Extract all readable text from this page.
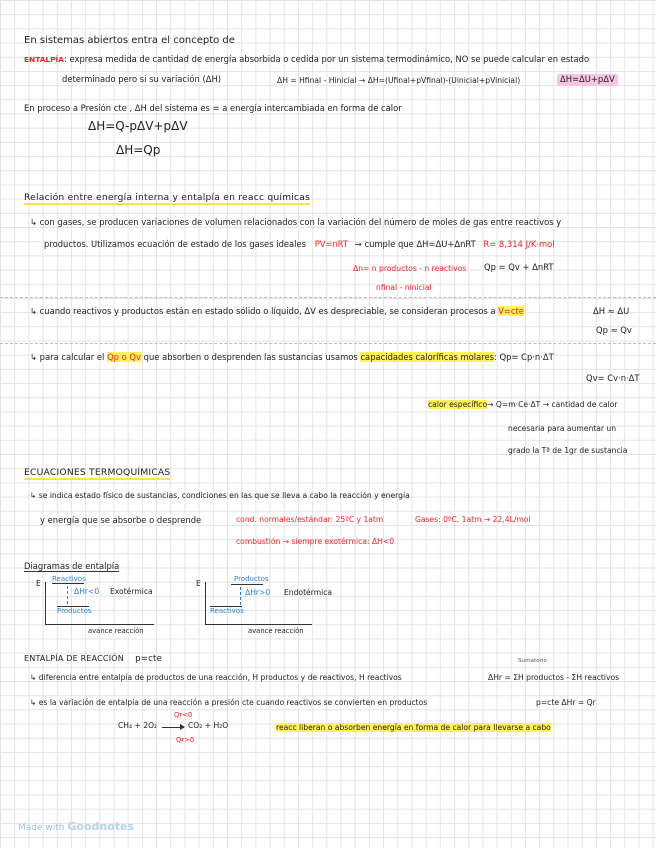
En sistemas abiertos entra el concepto de
ENTALPÍA: expresa medida de cantidad de energía absorbida o cedida por un sistema termodinámico, NO se puede calcular en estado
determinado pero si su variación (ΔH)	ΔH = Hfinal - Hinicial → ΔH=(Ufinal+pVfinal)-(Uinicial+pVinicial)	ΔH=ΔU+pΔV
En proceso a Presión cte , ΔH del sistema es = a energía intercambiada en forma de calor
ΔH=Q-pΔV+pΔV
ΔH=Qp
Relación entre energía interna y entalpía en reacc químicas
↳ con gases, se producen variaciones de volumen relacionados con la variación del número de moles de gas entre reactivos y
productos. Utilizamos ecuación de estado de los gases ideales PV=nRT → cumple que ΔH=ΔU+ΔnRT R= 8,314 J/K·mol
Δn= n productos - n reactivos Qp = Qv + ΔnRT
nfinal - ninicial
↳ cuando reactivos y productos están en estado sólido o líquido, ΔV es despreciable, se consideran procesos a V=cte	ΔH ≈ ΔU
Qp ≈ Qv
↳ para calcular el Qp o Qv que absorben o desprenden las sustancias usamos capacidades caloríficas molares: Qp= Cp·n·ΔT
Qv= Cv·n·ΔT
calor específico→ Q=m·Ce·ΔT → cantidad de calor
necesaria para aumentar un
grado la Tª de 1gr de sustancia
ECUACIONES TERMOQUÍMICAS
↳ se indica estado físico de sustancias, condiciones en las que se lleva a cabo la reacción y energía
y energía que se absorbe o desprende	cond. normales/estándar: 25ºC y 1atm	Gases: 0ºC, 1atm → 22,4L/mol
combustión → siempre exotérmica: ΔH<0
Diagramas de entalpía
E Reactivos
ΔHr<0 Exotérmica
Productos
avance reacción
E	Productos
ΔHr>0 Endotérmica
Reactivos
avance reacción
ENTALPÍA DE REACCIÓN p=cte	Sumatorio
↳ diferencia entre entalpía de productos de una reacción, H productos y de reactivos, H reactivos	ΔHr = ΣH productos - ΣH reactivos
↳ es la variación de entalpía de una reacción a presión cte cuando reactivos se convierten en productos	p=cte ΔHr = Qr
CH₄ + 2O₂
Qr<0
CO₂ + H₂O
Qr>0
reacc liberan o absorben energía en forma de calor para llevarse a cabo
Made with Goodnotes
